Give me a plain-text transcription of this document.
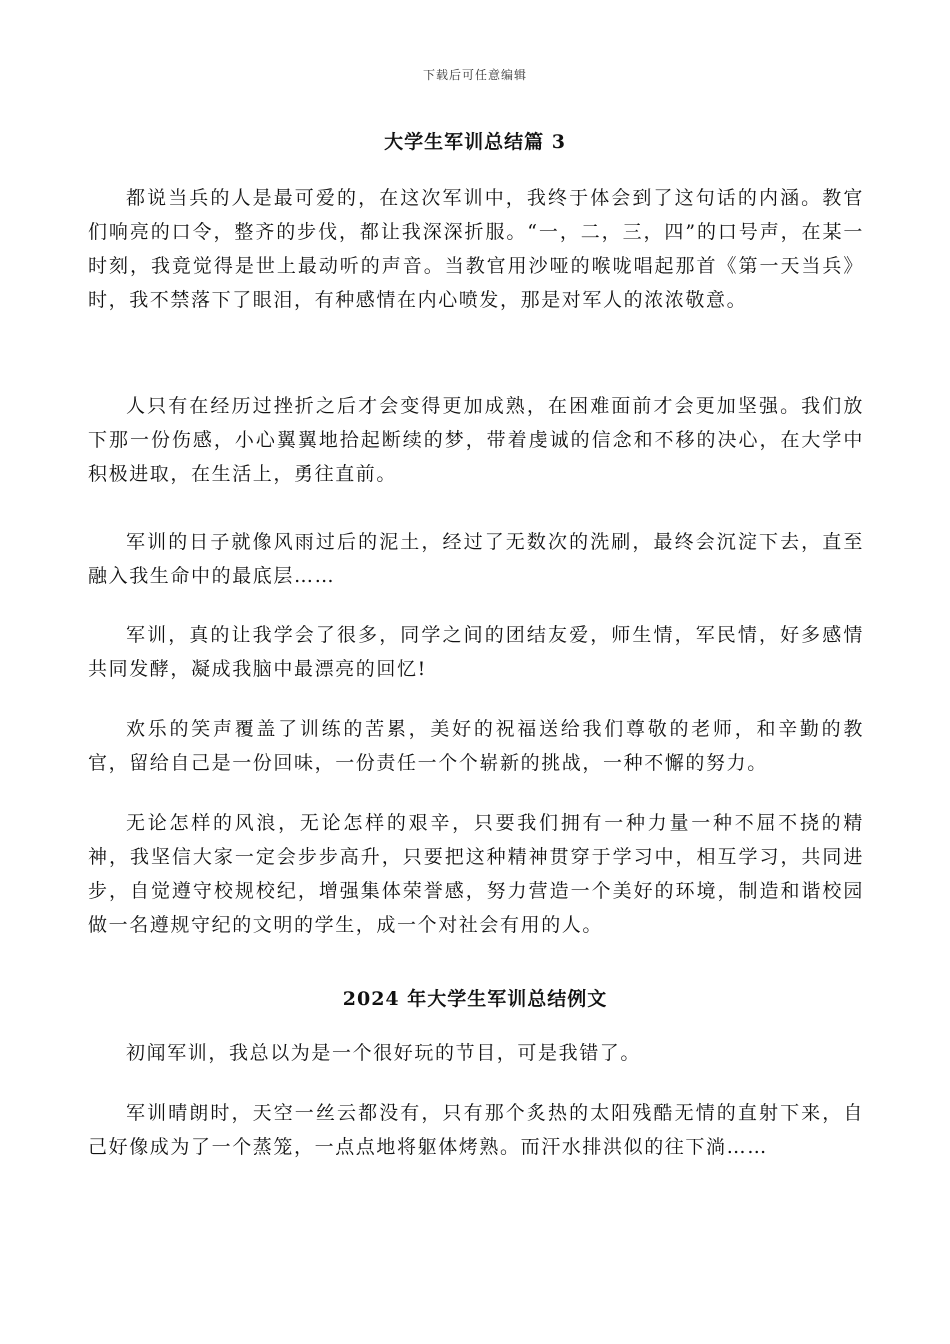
下载后可任意编辑
大学生军训总结篇 3

都说当兵的人是最可爱的，在这次军训中，我终于体会到了这句话的内涵。教官们响亮的口令，整齐的步伐，都让我深深折服。“一，二，三，四”的口号声，在某一时刻，我竟觉得是世上最动听的声音。当教官用沙哑的喉咙唱起那首《第一天当兵》时，我不禁落下了眼泪，有种感情在内心喷发，那是对军人的浓浓敬意。

人只有在经历过挫折之后才会变得更加成熟，在困难面前才会更加坚强。我们放下那一份伤感，小心翼翼地拾起断续的梦，带着虔诚的信念和不移的决心，在大学中积极进取，在生活上，勇往直前。

军训的日子就像风雨过后的泥土，经过了无数次的洗刷，最终会沉淀下去，直至融入我生命中的最底层……

军训，真的让我学会了很多，同学之间的团结友爱，师生情，军民情，好多感情共同发酵，凝成我脑中最漂亮的回忆!

欢乐的笑声覆盖了训练的苦累，美好的祝福送给我们尊敬的老师，和辛勤的教官，留给自己是一份回味，一份责任一个个崭新的挑战，一种不懈的努力。

无论怎样的风浪，无论怎样的艰辛，只要我们拥有一种力量一种不屈不挠的精神，我坚信大家一定会步步高升，只要把这种精神贯穿于学习中，相互学习，共同进步，自觉遵守校规校纪，增强集体荣誉感，努力营造一个美好的环境，制造和谐校园做一名遵规守纪的文明的学生，成一个对社会有用的人。

2024 年大学生军训总结例文

初闻军训，我总以为是一个很好玩的节目，可是我错了。

军训晴朗时，天空一丝云都没有，只有那个炙热的太阳残酷无情的直射下来，自己好像成为了一个蒸笼，一点点地将躯体烤熟。而汗水排洪似的往下淌……
